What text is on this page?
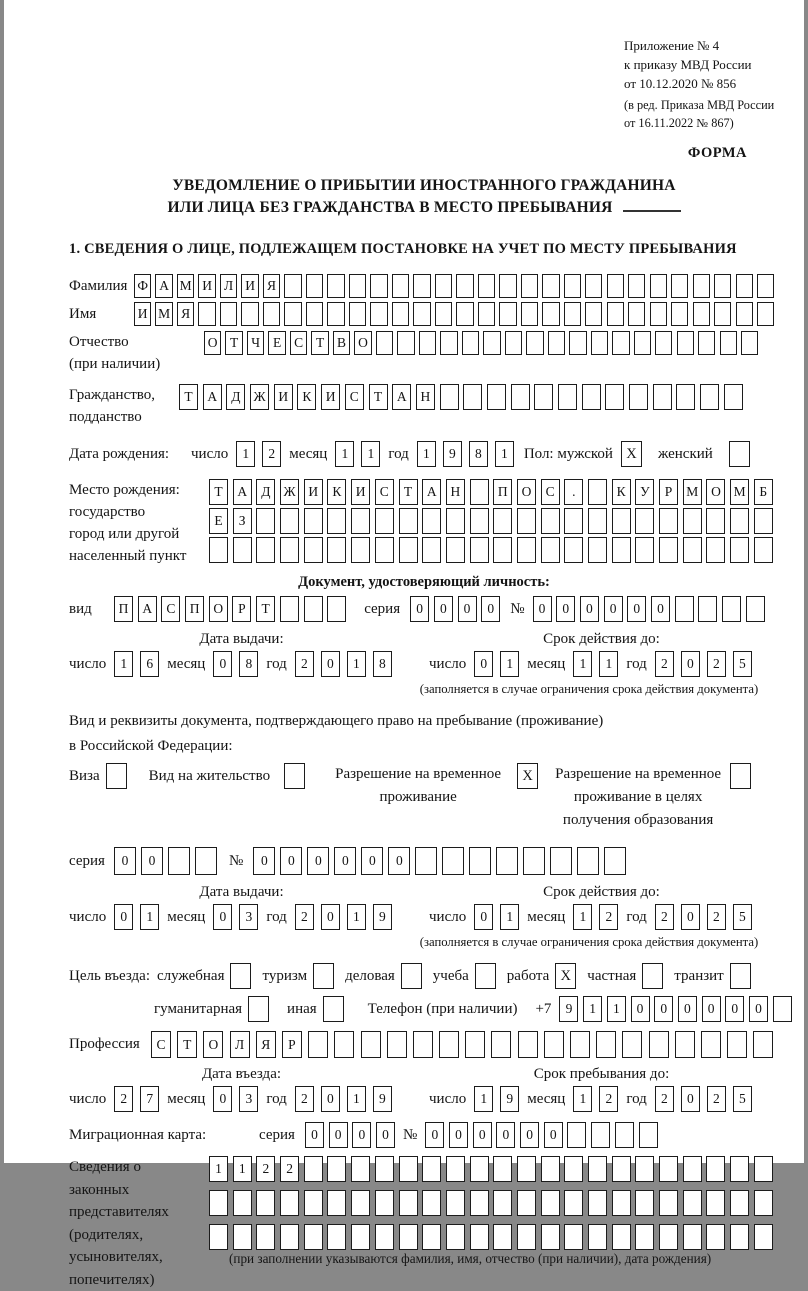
Приложение № 4
к приказу МВД России
от 10.12.2020 № 856
(в ред. Приказа МВД России
от 16.11.2022 № 867)
ФОРМА
УВЕДОМЛЕНИЕ О ПРИБЫТИИ ИНОСТРАННОГО ГРАЖДАНИНА
ИЛИ ЛИЦА БЕЗ ГРАЖДАНСТВА В МЕСТО ПРЕБЫВАНИЯ
1. СВЕДЕНИЯ О ЛИЦЕ, ПОДЛЕЖАЩЕМ ПОСТАНОВКЕ НА УЧЕТ ПО МЕСТУ ПРЕБЫВАНИЯ
Фамилия Ф А М И Л И Я
Имя	И М Я
Отчество
(при наличии)
О Т Ч Е С Т В О
Гражданство,
подданство
Т	А	Д Ж И	К	И	С	Т	А	Н
Дата рождения:	число	1	2 месяц	1	1 год	1	9	8	1	Пол: мужской X	женский
Место рождения:
государство
город или другой
населенный пункт
Т	А	Д Ж И	К	И	С	Т	А	Н	П	О	С	.	К	У	Р	М О М	Б
Е	З
Документ, удостоверяющий личность:
вид	П	А	С	П	О	Р	Т	серия	0	0	0	0	№	0	0	0	0	0	0
Дата выдачи:
число	1	6 месяц	0	8 год	2	0	1	8
Срок действия до:
число	0	1 месяц	1	1 год	2	0	2	5
(заполняется в случае ограничения срока действия документа)
Вид и реквизиты документа, подтверждающего право на пребывание (проживание)
в Российской Федерации:
Виза	Вид на жительство	Разрешение на временное проживание
X	Разрешение на временное проживание в целях получения образования
серия	0	0	№	0	0	0	0	0	0
Дата выдачи:
число	0	1 месяц	0	3 год	2	0	1	9
Срок действия до:
число	0	1 месяц	1	2 год	2	0	2	5
(заполняется в случае ограничения срока действия документа)
Цель въезда: служебная	туризм	деловая	учеба	работа X	частная	транзит
гуманитарная	иная	Телефон (при наличии) +7	9	1	1	0	0	0	0	0	0
Профессия	С	Т	О	Л	Я	Р
Дата въезда:
число	2	7 месяц	0	3 год	2	0	1	9
Срок пребывания до:
число	1	9 месяц	1	2 год	2	0	2	5
Миграционная карта:	серия	0	0	0	0 №	0	0	0	0	0	0
Сведения о
законных
представителях
(родителях,
усыновителях,
попечителях)
1	1	2	2
(при заполнении указываются фамилия, имя, отчество (при наличии), дата рождения)
